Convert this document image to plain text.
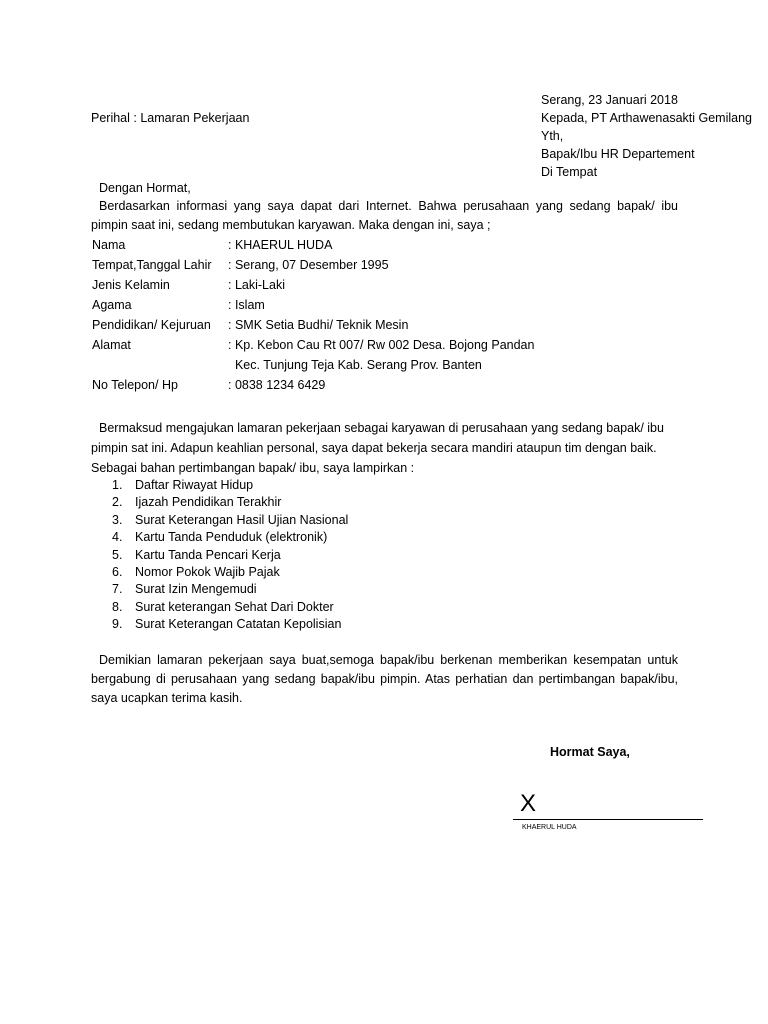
Serang, 23 Januari 2018
Kepada, PT Arthawenasakti Gemilang
Yth,
Bapak/Ibu HR Departement
Di Tempat
Perihal : Lamaran Pekerjaan
Dengan Hormat,
Berdasarkan informasi yang saya dapat dari Internet. Bahwa perusahaan yang sedang bapak/ ibu
pimpin saat ini, sedang membutukan karyawan. Maka dengan ini, saya ;
Nama	: KHAERUL HUDA
Tempat,Tanggal Lahir	: Serang, 07 Desember 1995
Jenis Kelamin	: Laki-Laki
Agama	: Islam
Pendidikan/ Kejuruan	: SMK Setia Budhi/ Teknik Mesin
Alamat	: Kp. Kebon Cau Rt 007/ Rw 002 Desa. Bojong Pandan
	Kec. Tunjung Teja Kab. Serang Prov. Banten
No Telepon/ Hp	: 0838 1234 6429
Bermaksud mengajukan lamaran pekerjaan sebagai karyawan di perusahaan yang sedang bapak/ ibu
pimpin sat ini. Adapun keahlian personal, saya dapat bekerja secara mandiri ataupun tim dengan baik.
Sebagai bahan pertimbangan bapak/ ibu, saya lampirkan :
1. Daftar Riwayat Hidup
2. Ijazah Pendidikan Terakhir
3. Surat Keterangan Hasil Ujian Nasional
4. Kartu Tanda Penduduk (elektronik)
5. Kartu Tanda Pencari Kerja
6. Nomor Pokok Wajib Pajak
7. Surat Izin Mengemudi
8. Surat keterangan Sehat Dari Dokter
9. Surat Keterangan Catatan Kepolisian
Demikian lamaran pekerjaan saya buat,semoga bapak/ibu berkenan memberikan kesempatan untuk
bergabung di perusahaan yang sedang bapak/ibu pimpin. Atas perhatian dan pertimbangan bapak/ibu,
saya ucapkan terima kasih.
Hormat Saya,
X
KHAERUL HUDA
